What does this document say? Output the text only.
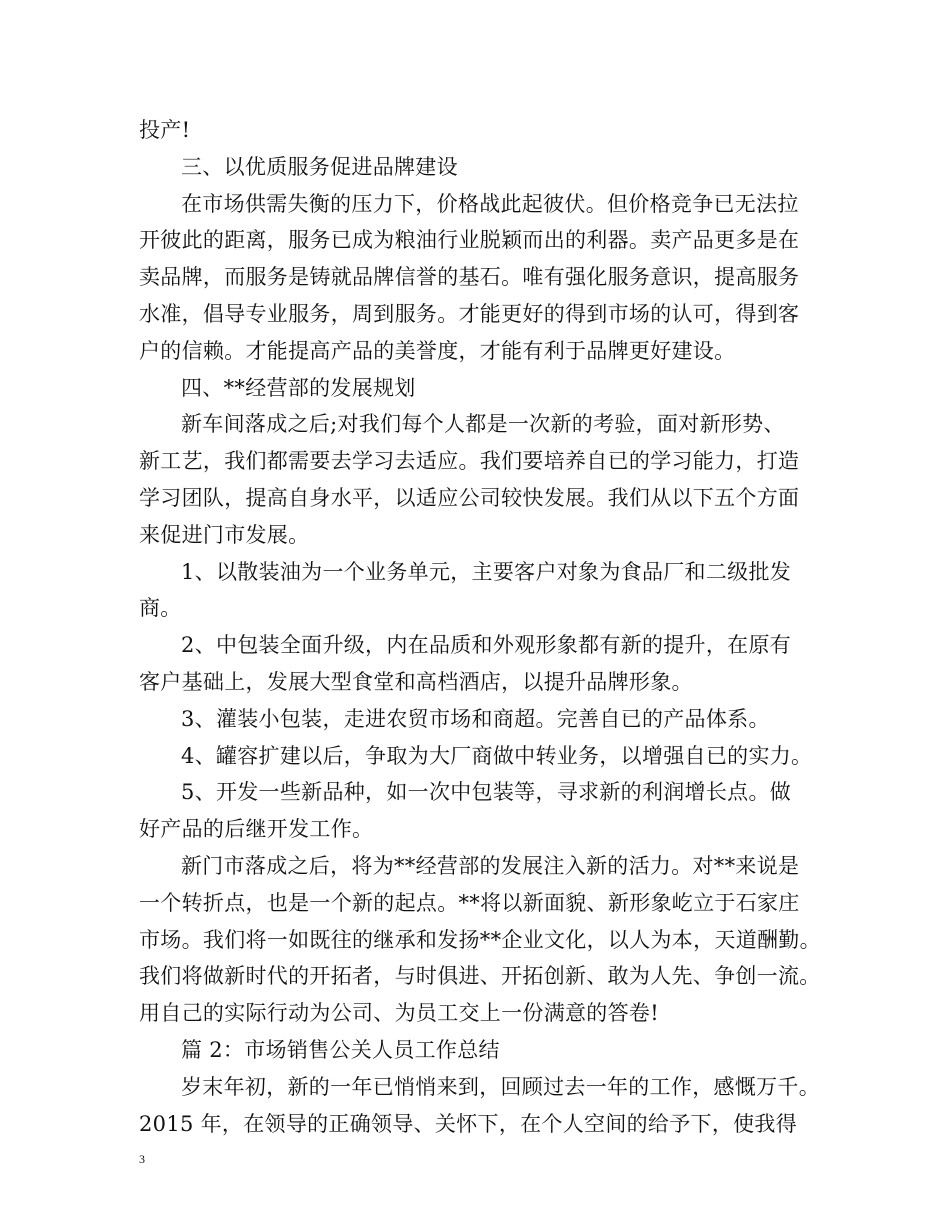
投产!
三、以优质服务促进品牌建设
在市场供需失衡的压力下，价格战此起彼伏。但价格竞争已无法拉
开彼此的距离，服务已成为粮油行业脱颖而出的利器。卖产品更多是在
卖品牌，而服务是铸就品牌信誉的基石。唯有强化服务意识，提高服务
水准，倡导专业服务，周到服务。才能更好的得到市场的认可，得到客
户的信赖。才能提高产品的美誉度，才能有利于品牌更好建设。
四、**经营部的发展规划
新车间落成之后;对我们每个人都是一次新的考验，面对新形势、
新工艺，我们都需要去学习去适应。我们要培养自已的学习能力，打造
学习团队，提高自身水平，以适应公司较快发展。我们从以下五个方面
来促进门市发展。
1、以散装油为一个业务单元，主要客户对象为食品厂和二级批发
商。
2、中包装全面升级，内在品质和外观形象都有新的提升，在原有
客户基础上，发展大型食堂和高档酒店，以提升品牌形象。
3、灌装小包装，走进农贸市场和商超。完善自已的产品体系。
4、罐容扩建以后，争取为大厂商做中转业务，以增强自已的实力。
5、开发一些新品种，如一次中包装等，寻求新的利润增长点。做
好产品的后继开发工作。
新门市落成之后，将为**经营部的发展注入新的活力。对**来说是
一个转折点，也是一个新的起点。**将以新面貌、新形象屹立于石家庄
市场。我们将一如既往的继承和发扬**企业文化，以人为本，天道酬勤。
我们将做新时代的开拓者，与时俱进、开拓创新、敢为人先、争创一流。
用自己的实际行动为公司、为员工交上一份满意的答卷!
篇 2：市场销售公关人员工作总结
岁末年初，新的一年已悄悄来到，回顾过去一年的工作，感慨万千。
2015 年，在领导的正确领导、关怀下，在个人空间的给予下，使我得
3
